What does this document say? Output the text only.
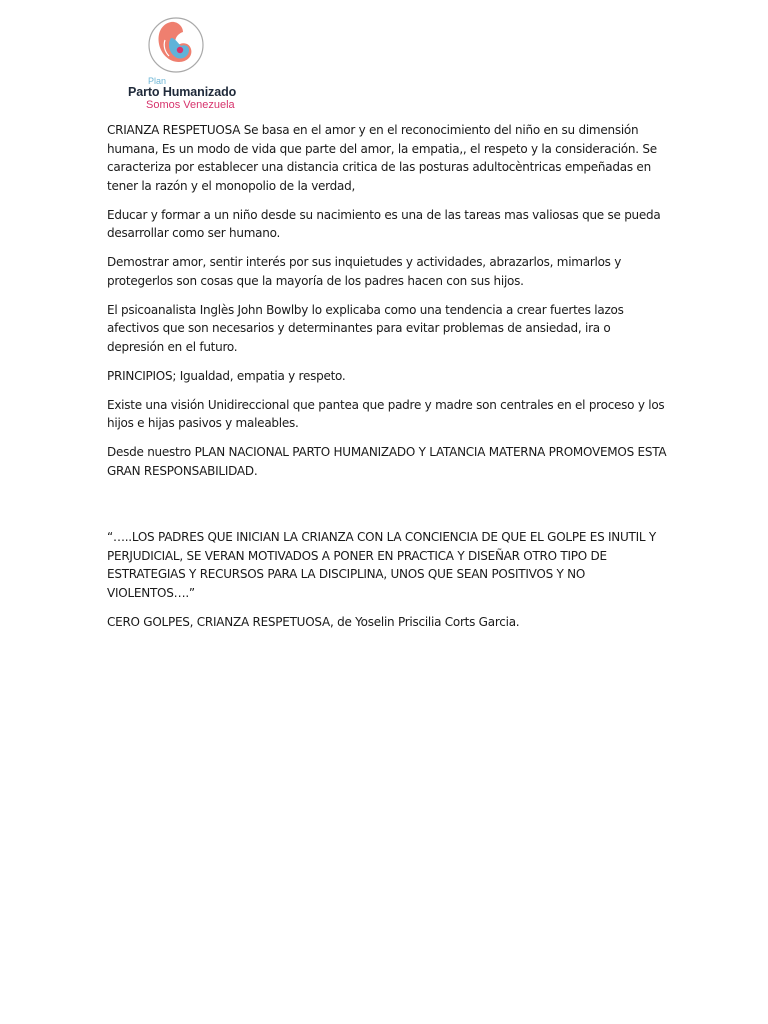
Plan
Parto Humanizado
Somos Venezuela

CRIANZA RESPETUOSA Se basa en el amor y en el reconocimiento del niño en su dimensión humana, Es un modo de vida que parte del amor, la empatia,, el respeto y la consideración. Se caracteriza por establecer una distancia critica de las posturas adultocèntricas empeñadas en tener la razón y el monopolio de la verdad,

Educar y formar a un niño desde su nacimiento es una de las tareas mas valiosas que se pueda desarrollar como ser humano.

Demostrar amor, sentir interés por sus inquietudes y actividades, abrazarlos, mimarlos y protegerlos son cosas que la mayoría de los padres hacen con sus hijos.

El psicoanalista Inglès John Bowlby lo explicaba como una tendencia a crear fuertes lazos afectivos que son necesarios y determinantes para evitar problemas de ansiedad, ira o depresión en el futuro.

PRINCIPIOS; Igualdad, empatia y respeto.

Existe una visión Unidireccional que pantea que padre y madre son centrales en el proceso y los hijos e hijas pasivos y maleables.

Desde nuestro PLAN NACIONAL PARTO HUMANIZADO Y LATANCIA MATERNA PROMOVEMOS ESTA GRAN RESPONSABILIDAD.

“…..LOS PADRES QUE INICIAN LA CRIANZA CON LA CONCIENCIA DE QUE EL GOLPE ES INUTIL Y PERJUDICIAL, SE VERAN MOTIVADOS A PONER EN PRACTICA Y DISEÑAR OTRO TIPO DE ESTRATEGIAS Y RECURSOS PARA LA DISCIPLINA, UNOS QUE SEAN POSITIVOS Y NO VIOLENTOS….”

CERO GOLPES, CRIANZA RESPETUOSA, de Yoselin Priscilia Corts Garcia.
